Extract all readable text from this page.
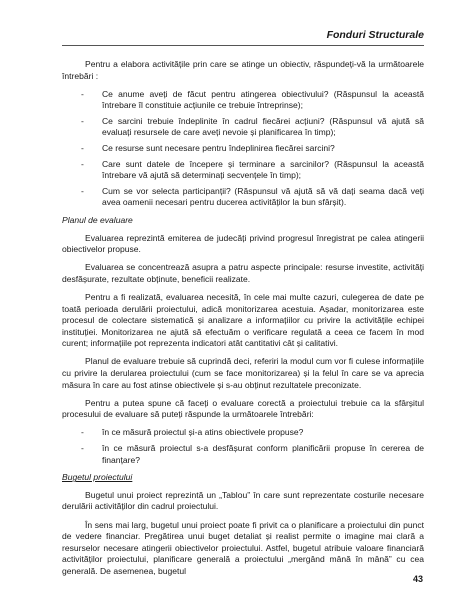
Fonduri Structurale

Pentru a elabora activitățile prin care se atinge un obiectiv, răspundeți-vă la următoarele întrebări :

- Ce anume aveți de făcut pentru atingerea obiectivului? (Răspunsul la această întrebare îl constituie acțiunile ce trebuie întreprinse);
- Ce sarcini trebuie îndeplinite în cadrul fiecărei acțiuni? (Răspunsul vă ajută să evaluați resursele de care aveți nevoie și planificarea în timp);
- Ce resurse sunt necesare pentru îndeplinirea fiecărei sarcini?
- Care sunt datele de începere și terminare a sarcinilor? (Răspunsul la această întrebare vă ajută să determinați secvențele în timp);
- Cum se vor selecta participanții? (Răspunsul vă ajută să vă dați seama dacă veți avea oamenii necesari pentru ducerea activităților la bun sfârșit).
Planul de evaluare

Evaluarea reprezintă emiterea de judecăți privind progresul înregistrat pe calea atingerii obiectivelor propuse.

Evaluarea se concentrează asupra a patru aspecte principale: resurse investite, activități desfășurate, rezultate obținute, beneficii realizate.

Pentru a fi realizată, evaluarea necesită, în cele mai multe cazuri, culegerea de date pe toată perioada derulării proiectului, adică monitorizarea acestuia. Așadar, monitorizarea este procesul de colectare sistematică și analizare a informațiilor cu privire la activitățile echipei instituției. Monitorizarea ne ajută să efectuăm o verificare regulată a ceea ce facem în mod curent; informațiile pot reprezenta indicatori atât cantitativi cât și calitativi.

Planul de evaluare trebuie să cuprindă deci, referiri la modul cum vor fi culese informațiile cu privire la derularea proiectului (cum se face monitorizarea) și la felul în care se va aprecia măsura în care au fost atinse obiectivele și s-au obținut rezultatele preconizate.

Pentru a putea spune că faceți o evaluare corectă a proiectului trebuie ca la sfârșitul procesului de evaluare să puteți răspunde la următoarele întrebări:

- în ce măsură proiectul și-a atins obiectivele propuse?
- în ce măsură proiectul s-a desfășurat conform planificării propuse în cererea de finanțare?
Bugetul proiectului

Bugetul unui proiect reprezintă un „Tablou” în care sunt reprezentate costurile necesare derulării activităților din cadrul proiectului.

În sens mai larg, bugetul unui proiect poate fi privit ca o planificare a proiectului din punct de vedere financiar. Pregătirea unui buget detaliat și realist permite o imagine mai clară a resurselor necesare atingerii obiectivelor proiectului. Astfel, bugetul atribuie valoare financiară activităților proiectului, planificare generală a proiectului „mergând mână în mână” cu cea generală. De asemenea, bugetul

43
